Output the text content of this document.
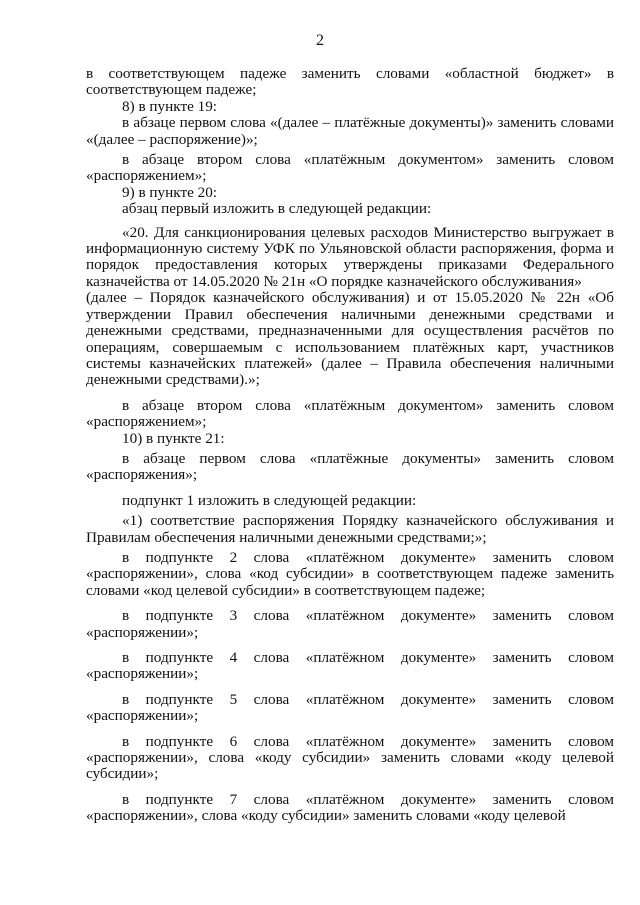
2

в соответствующем падеже заменить словами «областной бюджет» в соответствующем падеже;

8) в пункте 19:

в абзаце первом слова «(далее – платёжные документы)» заменить словами «(далее – распоряжение)»;

в абзаце втором слова «платёжным документом» заменить словом «распоряжением»;

9) в пункте 20:

абзац первый изложить в следующей редакции:

«20. Для санкционирования целевых расходов Министерство выгружает в информационную систему УФК по Ульяновской области распоряжения, форма и порядок предоставления которых утверждены приказами Федерального казначейства от 14.05.2020 № 21н «О порядке казначейского обслуживания»

(далее – Порядок казначейского обслуживания) и от 15.05.2020 № 22н «Об утверждении Правил обеспечения наличными денежными средствами и денежными средствами, предназначенными для осуществления расчётов по операциям, совершаемым с использованием платёжных карт, участников системы казначейских платежей» (далее – Правила обеспечения наличными денежными средствами).»;

в абзаце втором слова «платёжным документом» заменить словом «распоряжением»;

10) в пункте 21:

в абзаце первом слова «платёжные документы» заменить словом «распоряжения»;

подпункт 1 изложить в следующей редакции:

«1) соответствие распоряжения Порядку казначейского обслуживания и Правилам обеспечения наличными денежными средствами;»;

в подпункте 2 слова «платёжном документе» заменить словом «распоряжении», слова «код субсидии» в соответствующем падеже заменить словами «код целевой субсидии» в соответствующем падеже;

в подпункте 3 слова «платёжном документе» заменить словом «распоряжении»;

в подпункте 4 слова «платёжном документе» заменить словом «распоряжении»;

в подпункте 5 слова «платёжном документе» заменить словом «распоряжении»;

в подпункте 6 слова «платёжном документе» заменить словом «распоряжении», слова «коду субсидии» заменить словами «коду целевой субсидии»;

в подпункте 7 слова «платёжном документе» заменить словом «распоряжении», слова «коду субсидии» заменить словами «коду целевой
